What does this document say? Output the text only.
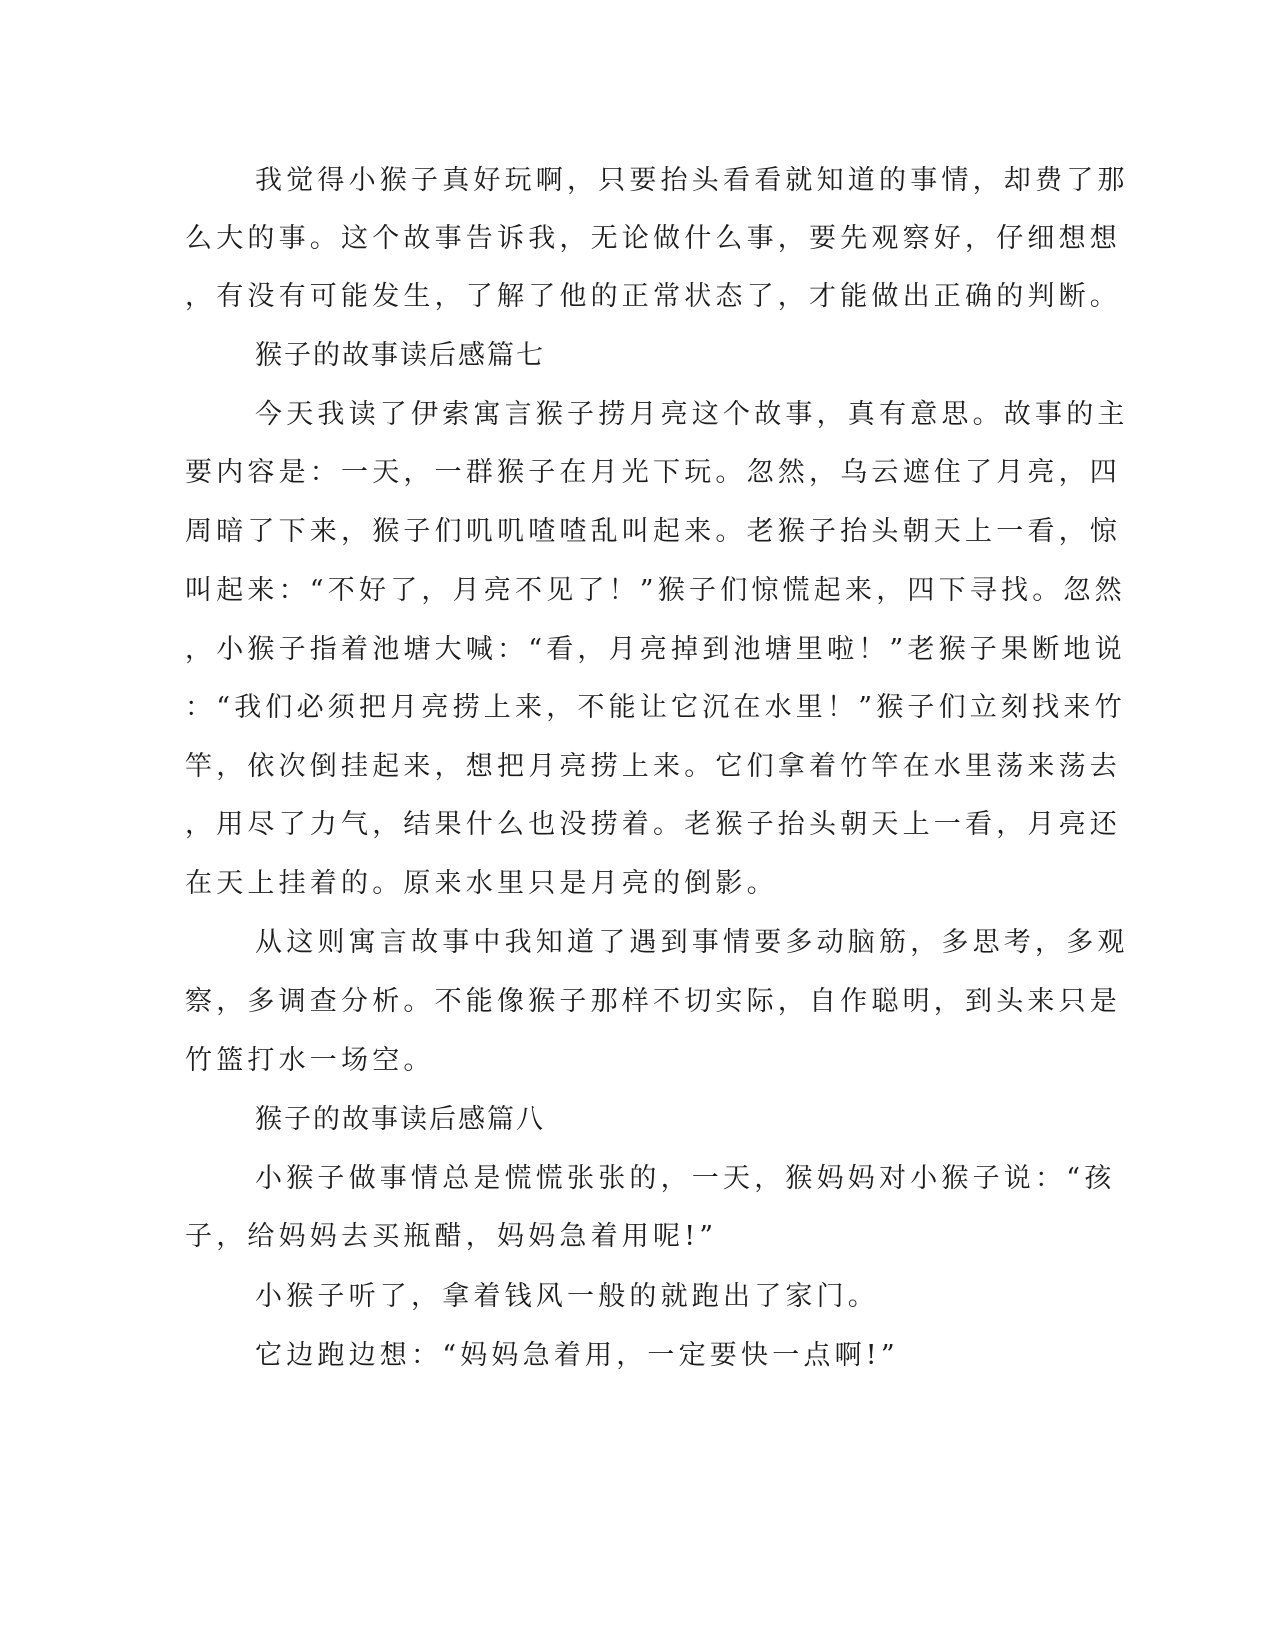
我觉得小猴子真好玩啊，只要抬头看看就知道的事情，却费了那

么大的事。这个故事告诉我，无论做什么事，要先观察好，仔细想想

，有没有可能发生，了解了他的正常状态了，才能做出正确的判断。

猴子的故事读后感篇七

今天我读了伊索寓言猴子捞月亮这个故事，真有意思。故事的主

要内容是：一天，一群猴子在月光下玩。忽然，乌云遮住了月亮，四

周暗了下来，猴子们叽叽喳喳乱叫起来。老猴子抬头朝天上一看，惊

叫起来：“不好了，月亮不见了！”猴子们惊慌起来，四下寻找。忽然

，小猴子指着池塘大喊：“看，月亮掉到池塘里啦！”老猴子果断地说

：“我们必须把月亮捞上来，不能让它沉在水里！”猴子们立刻找来竹

竿，依次倒挂起来，想把月亮捞上来。它们拿着竹竿在水里荡来荡去

，用尽了力气，结果什么也没捞着。老猴子抬头朝天上一看，月亮还

在天上挂着的。原来水里只是月亮的倒影。

从这则寓言故事中我知道了遇到事情要多动脑筋，多思考，多观

察，多调查分析。不能像猴子那样不切实际，自作聪明，到头来只是

竹篮打水一场空。

猴子的故事读后感篇八

小猴子做事情总是慌慌张张的，一天，猴妈妈对小猴子说：“孩

子，给妈妈去买瓶醋，妈妈急着用呢!”

小猴子听了，拿着钱风一般的就跑出了家门。

它边跑边想：“妈妈急着用，一定要快一点啊!”
